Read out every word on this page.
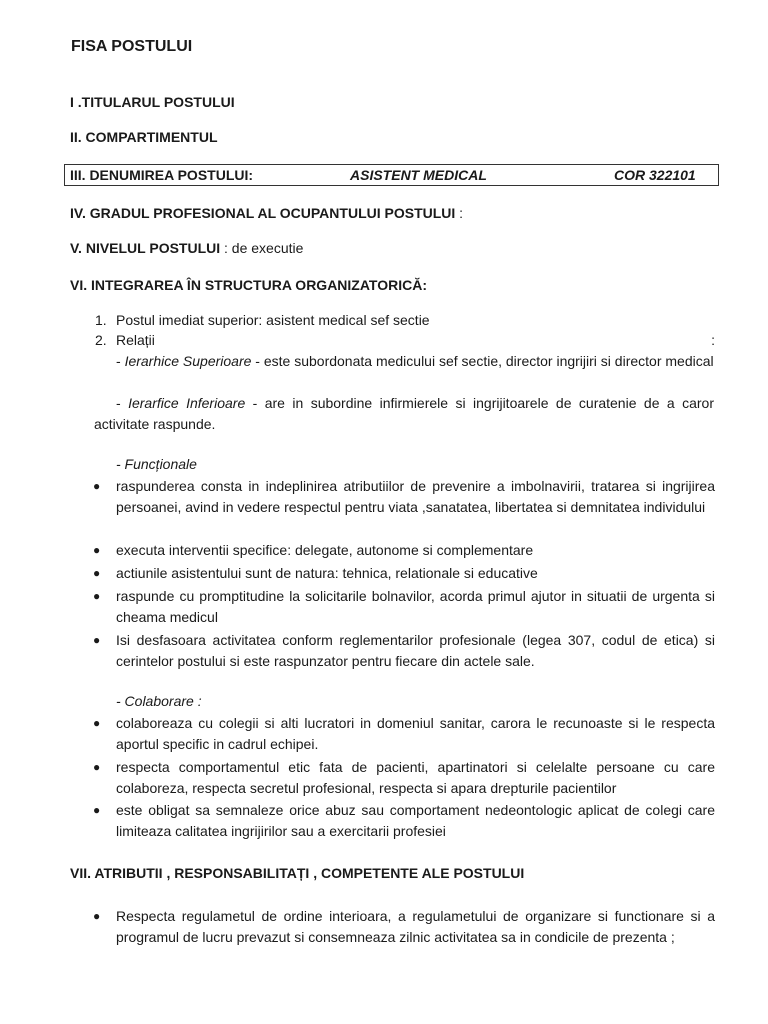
FISA POSTULUI
I .TITULARUL POSTULUI
II. COMPARTIMENTUL
III. DENUMIREA POSTULUI:	ASISTENT MEDICAL	COR 322101
IV. GRADUL PROFESIONAL AL OCUPANTULUI POSTULUI :
V. NIVELUL POSTULUI : de executie
VI. INTEGRAREA ÎN STRUCTURA ORGANIZATORICĂ:
1. Postul imediat superior: asistent medical sef sectie
2. Relații	:
- Ierarhice Superioare - este subordonata medicului sef sectie, director ingrijiri si director medical
- Ierarfice Inferioare - are in subordine infirmierele si ingrijitoarele de curatenie de a caror activitate raspunde.
- Funcționale
● raspunderea consta in indeplinirea atributiilor de prevenire a imbolnavirii, tratarea si ingrijirea persoanei, avind in vedere respectul pentru viata ,sanatatea, libertatea si demnitatea individului
● executa interventii specifice: delegate, autonome si complementare
● actiunile asistentului sunt de natura: tehnica, relationale si educative
● raspunde cu promptitudine la solicitarile bolnavilor, acorda primul ajutor in situatii de urgenta si cheama medicul
● Isi desfasoara activitatea conform reglementarilor profesionale (legea 307, codul de etica) si cerintelor postului si este raspunzator pentru fiecare din actele sale.
- Colaborare :
● colaboreaza cu colegii si alti lucratori in domeniul sanitar, carora le recunoaste si le respecta aportul specific in cadrul echipei.
● respecta comportamentul etic fata de pacienti, apartinatori si celelalte persoane cu care colaboreza, respecta secretul profesional, respecta si apara drepturile pacientilor
● este obligat sa semnaleze orice abuz sau comportament nedeontologic aplicat de colegi care limiteaza calitatea ingrijirilor sau a exercitarii profesiei
VII. ATRIBUTII , RESPONSABILITAȚI , COMPETENTE ALE POSTULUI
● Respecta regulametul de ordine interioara, a regulametului de organizare si functionare si a programul de lucru prevazut si consemneaza zilnic activitatea sa in condicile de prezenta ;
